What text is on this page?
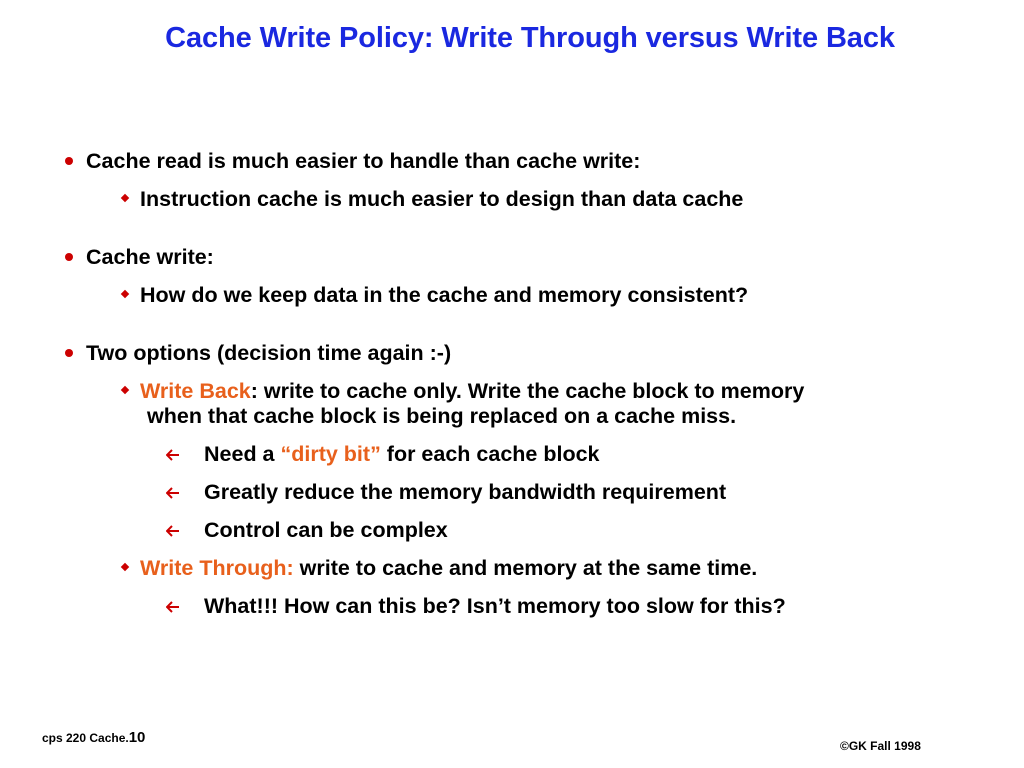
Cache Write Policy: Write Through versus Write Back
Cache read is much easier to handle than cache write:
Instruction cache is much easier to design than data cache
Cache write:
How do we keep data in the cache and memory consistent?
Two options (decision time again :-)
Write Back: write to cache only. Write the cache block to memory
when that cache block is being replaced on a cache miss.
Need a “dirty bit” for each cache block
Greatly reduce the memory bandwidth requirement
Control can be complex
Write Through: write to cache and memory at the same time.
What!!! How can this be? Isn’t memory too slow for this?
cps 220 Cache.10	©GK Fall 1998
